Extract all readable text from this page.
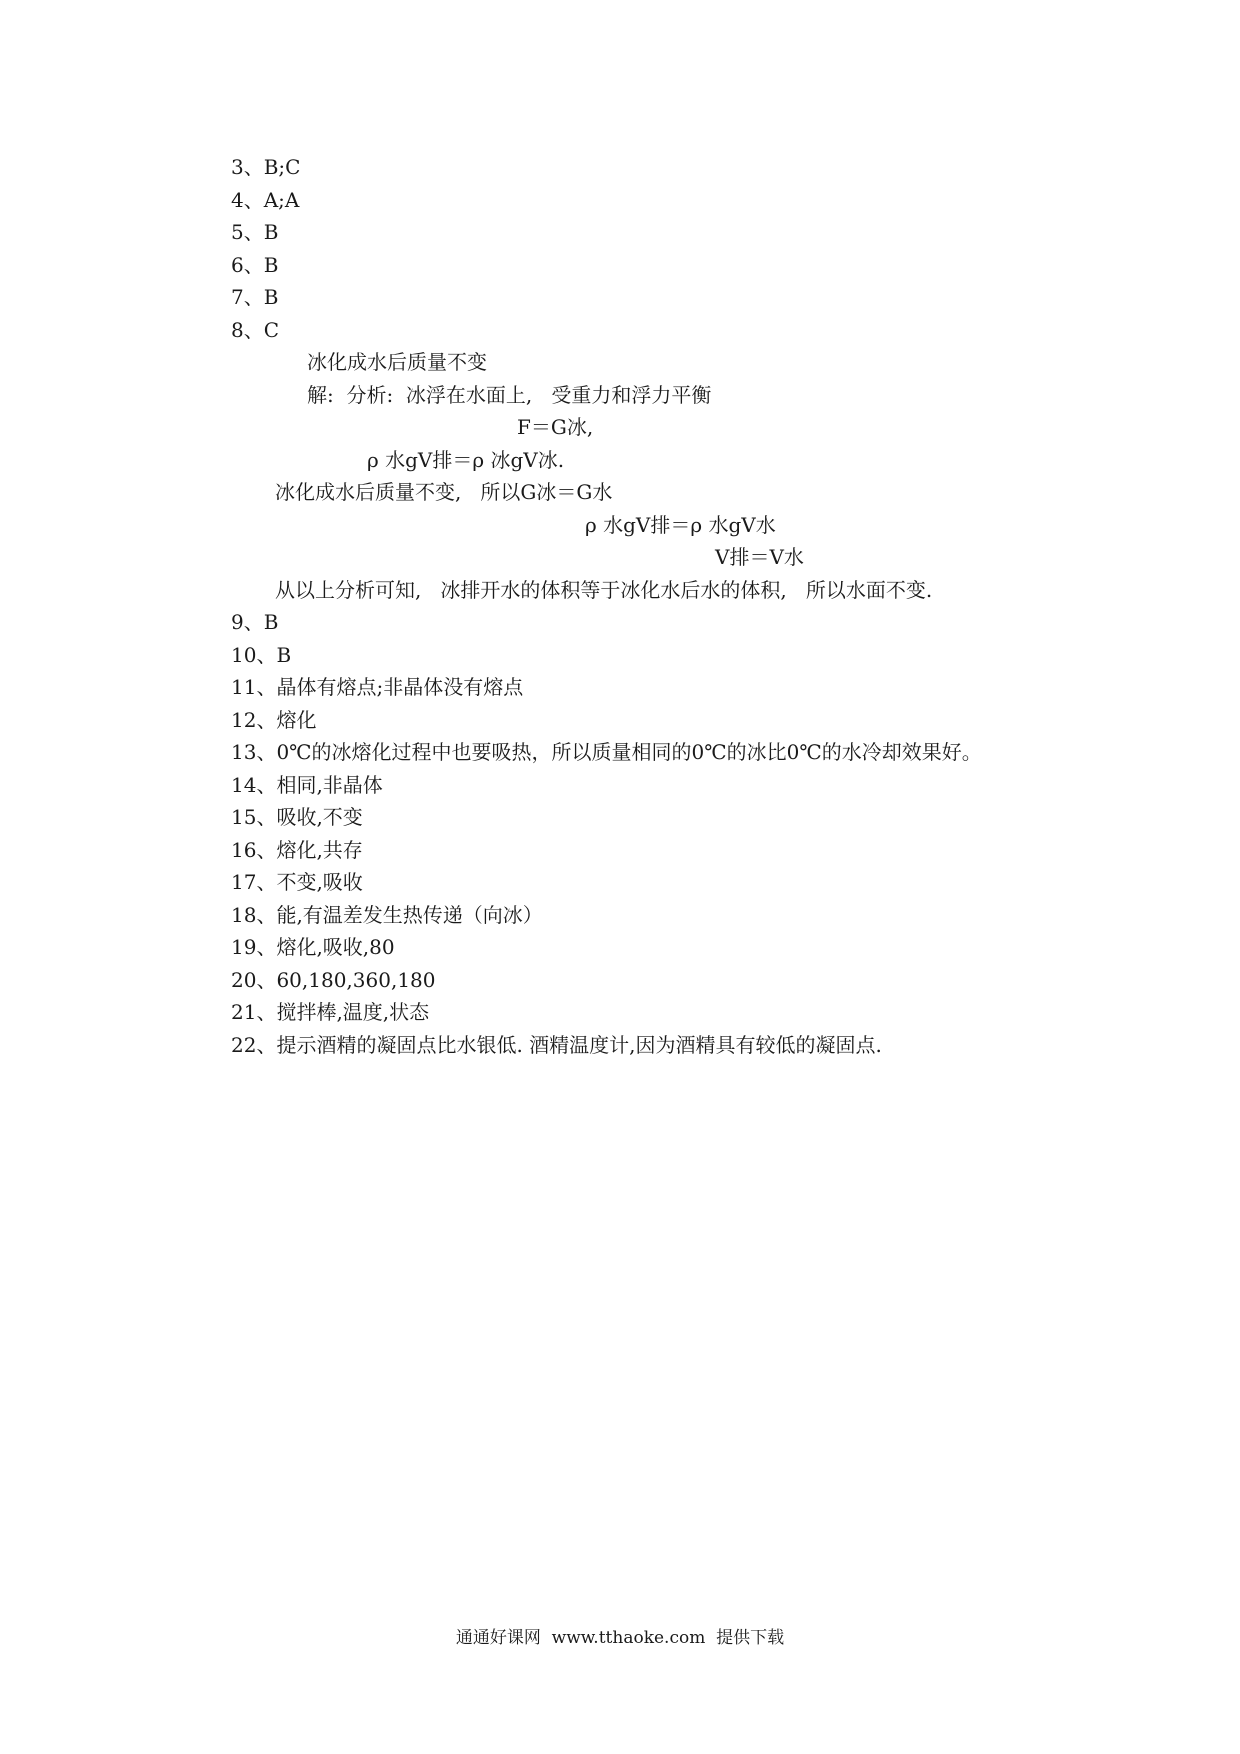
3、B;C
4、A;A
5、B
6、B
7、B
8、C
冰化成水后质量不变
解:  分析:  冰浮在水面上,   受重力和浮力平衡
F＝G冰,
ρ 水gV排＝ρ 冰gV冰.
冰化成水后质量不变,   所以G冰＝G水
ρ 水gV排＝ρ 水gV水
V排＝V水
从以上分析可知,   冰排开水的体积等于冰化水后水的体积,   所以水面不变.
9、B
10、B
11、晶体有熔点;非晶体没有熔点
12、熔化
13、0℃的冰熔化过程中也要吸热，所以质量相同的0℃的冰比0℃的水冷却效果好。
14、相同,非晶体
15、吸收,不变
16、熔化,共存
17、不变,吸收
18、能,有温差发生热传递（向冰）
19、熔化,吸收,80
20、60,180,360,180
21、搅拌棒,温度,状态
22、提示酒精的凝固点比水银低. 酒精温度计,因为酒精具有较低的凝固点.
通通好课网  www.tthaoke.com  提供下载
